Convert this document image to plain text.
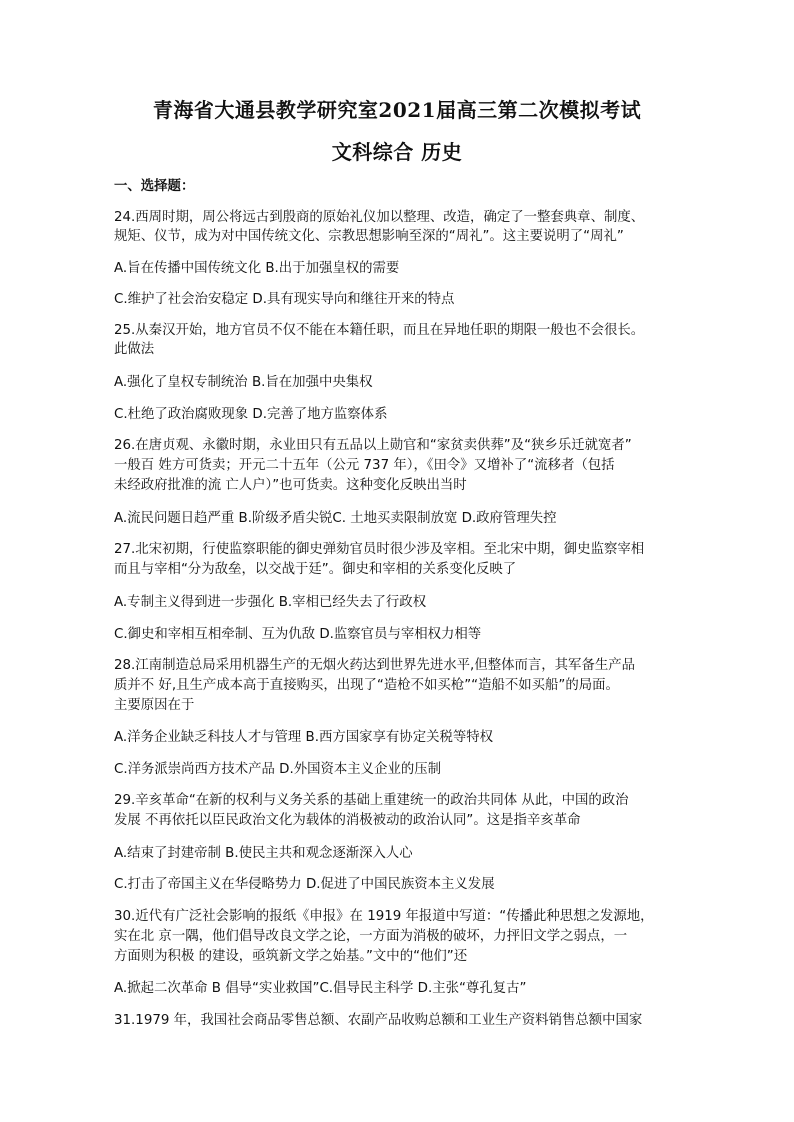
青海省大通县教学研究室2021届高三第二次模拟考试
文科综合 历史
一、选择题：
24.西周时期，周公将远古到殷商的原始礼仪加以整理、改造，确定了一整套典章、制度、
规矩、仪节，成为对中国传统文化、宗教思想影响至深的“周礼”。这主要说明了“周礼”
A.旨在传播中国传统文化 B.出于加强皇权的需要
C.维护了社会治安稳定 D.具有现实导向和继往开来的特点
25.从秦汉开始，地方官员不仅不能在本籍任职，而且在异地任职的期限一般也不会很长。
此做法
A.强化了皇权专制统治 B.旨在加强中央集权
C.杜绝了政治腐败现象 D.完善了地方监察体系
26.在唐贞观、永徽时期，永业田只有五品以上勋官和“家贫卖供葬”及“狭乡乐迁就宽者”
一般百 姓方可货卖；开元二十五年（公元 737 年），《田令》又增补了“流移者（包括
未经政府批准的流 亡人户）”也可货卖。这种变化反映出当时
A.流民问题日趋严重 B.阶级矛盾尖锐C. 土地买卖限制放宽 D.政府管理失控
27.北宋初期，行使监察职能的御史弹劾官员时很少涉及宰相。至北宋中期，御史监察宰相
而且与宰相“分为敌垒，以交战于廷”。御史和宰相的关系变化反映了
A.专制主义得到进一步强化 B.宰相已经失去了行政权
C.御史和宰相互相牵制、互为仇敌 D.监察官员与宰相权力相等
28.江南制造总局采用机器生产的无烟火药达到世界先进水平,但整体而言，其军备生产品
质并不 好,且生产成本高于直接购买，出现了“造枪不如买枪”“造船不如买船”的局面。
主要原因在于
A.洋务企业缺乏科技人才与管理 B.西方国家享有协定关税等特权
C.洋务派崇尚西方技术产品 D.外国资本主义企业的压制
29.辛亥革命“在新的权利与义务关系的基础上重建统一的政治共同体 从此，中国的政治
发展 不再依托以臣民政治文化为载体的消极被动的政治认同”。这是指辛亥革命
A.结束了封建帝制 B.使民主共和观念逐渐深入人心
C.打击了帝国主义在华侵略势力 D.促进了中国民族资本主义发展
30.近代有广泛社会影响的报纸《申报》在 1919 年报道中写道：“传播此种思想之发源地，
实在北 京一隅，他们倡导改良文学之论，一方面为消极的破坏，力抨旧文学之弱点，一
方面则为积极 的建设，亟筑新文学之始基。”文中的“他们”还
A.掀起二次革命 B 倡导“实业救国”C.倡导民主科学 D.主张“尊孔复古”
31.1979 年，我国社会商品零售总额、农副产品收购总额和工业生产资料销售总额中国家
